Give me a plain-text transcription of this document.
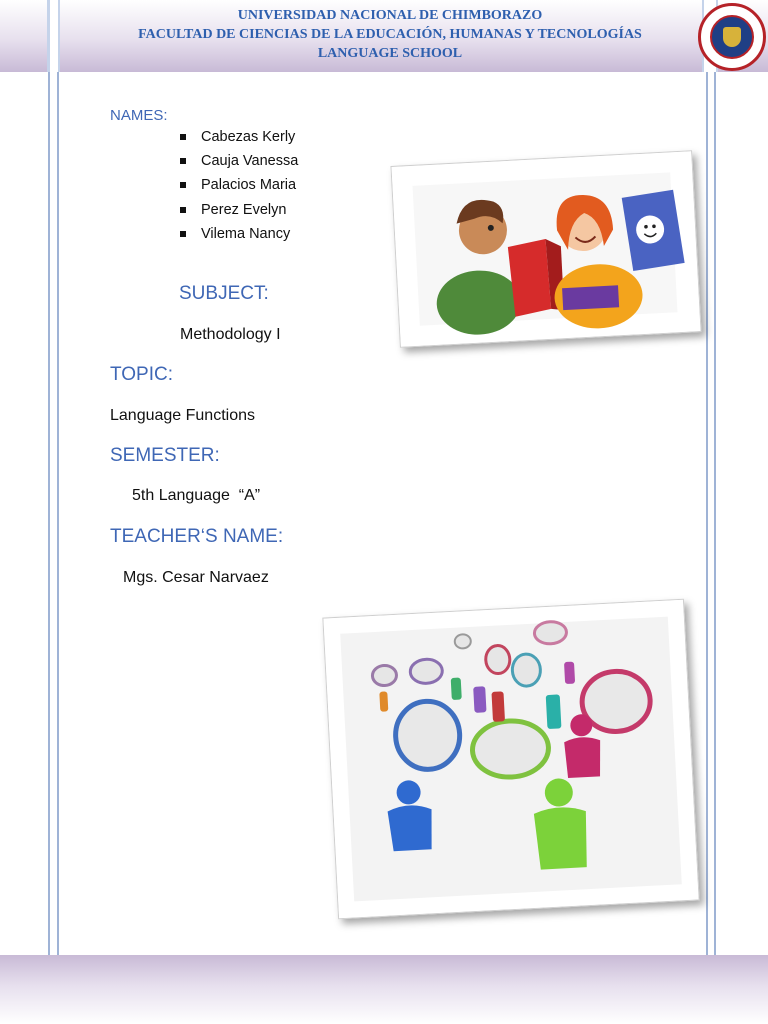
UNIVERSIDAD NACIONAL DE CHIMBORAZO
FACULTAD DE CIENCIAS DE LA EDUCACIÓN, HUMANAS Y TECNOLOGÍAS
LANGUAGE SCHOOL
NAMES:
Cabezas Kerly
Cauja Vanessa
Palacios Maria
Perez Evelyn
Vilema Nancy
SUBJECT:
Methodology I
TOPIC:
Language Functions
SEMESTER:
5th Language  “A”
TEACHER‘S NAME:
Mgs. Cesar Narvaez
